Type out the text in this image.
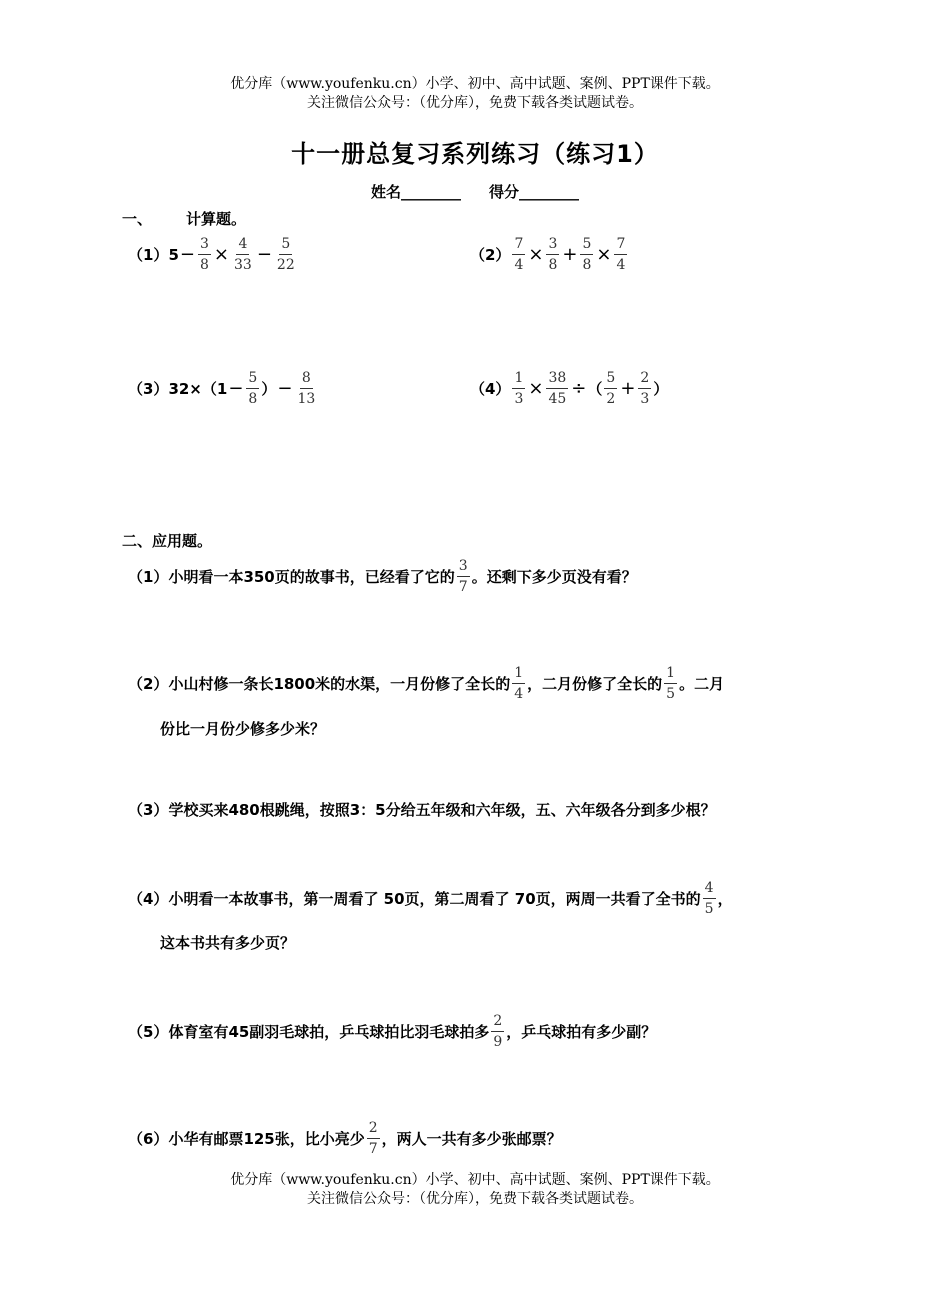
优分库（www.youfenku.cn）小学、初中、高中试题、案例、PPT课件下载。
关注微信公众号：（优分库），免费下载各类试题试卷。
十一册总复习系列练习（练习1）
姓名________ 得分________
一、 计算题。
（1） $5 - \frac{3}{8} \times \frac{4}{33} - \frac{5}{22}$	$(2) \frac{7}{4} \times \frac{3}{8} + \frac{5}{8} \times \frac{7}{4}$
（3） $32\times(1 - \frac{5}{8}$ ） − $\frac{8}{13}$	$(4) \frac{1}{3} \times \frac{38}{45}$ ÷ （ $\frac{5}{2} + \frac{2}{3}$ ）
二、应用题。
（1） 小明看一本350页的故事书，已经看了它的 $\frac{3}{7}$ 。还剩下多少页没有看？
（2） 小山村修一条长1800米的水渠，一月份修了全长的 $\frac{1}{4}$ ，二月份修了全长的 $\frac{1}{5}$ 。二月
份比一月份少修多少米？
（3） 学校买来480根跳绳，按照3：5分给五年级和六年级，五、六年级各分到多少根？
（4） 小明看一本故事书，第一周看了 50页，第二周看了 70页，两周一共看了全书的 $\frac{4}{5}$ ，
这本书共有多少页？
（5） 体育室有45副羽毛球拍，乒乓球拍比羽毛球拍多 $\frac{2}{9}$ ，乒乓球拍有多少副？
（6） 小华有邮票125张，比小亮少 $\frac{2}{7}$ ，两人一共有多少张邮票？
优分库（www.youfenku.cn）小学、初中、高中试题、案例、PPT课件下载。
关注微信公众号：（优分库），免费下载各类试题试卷。
